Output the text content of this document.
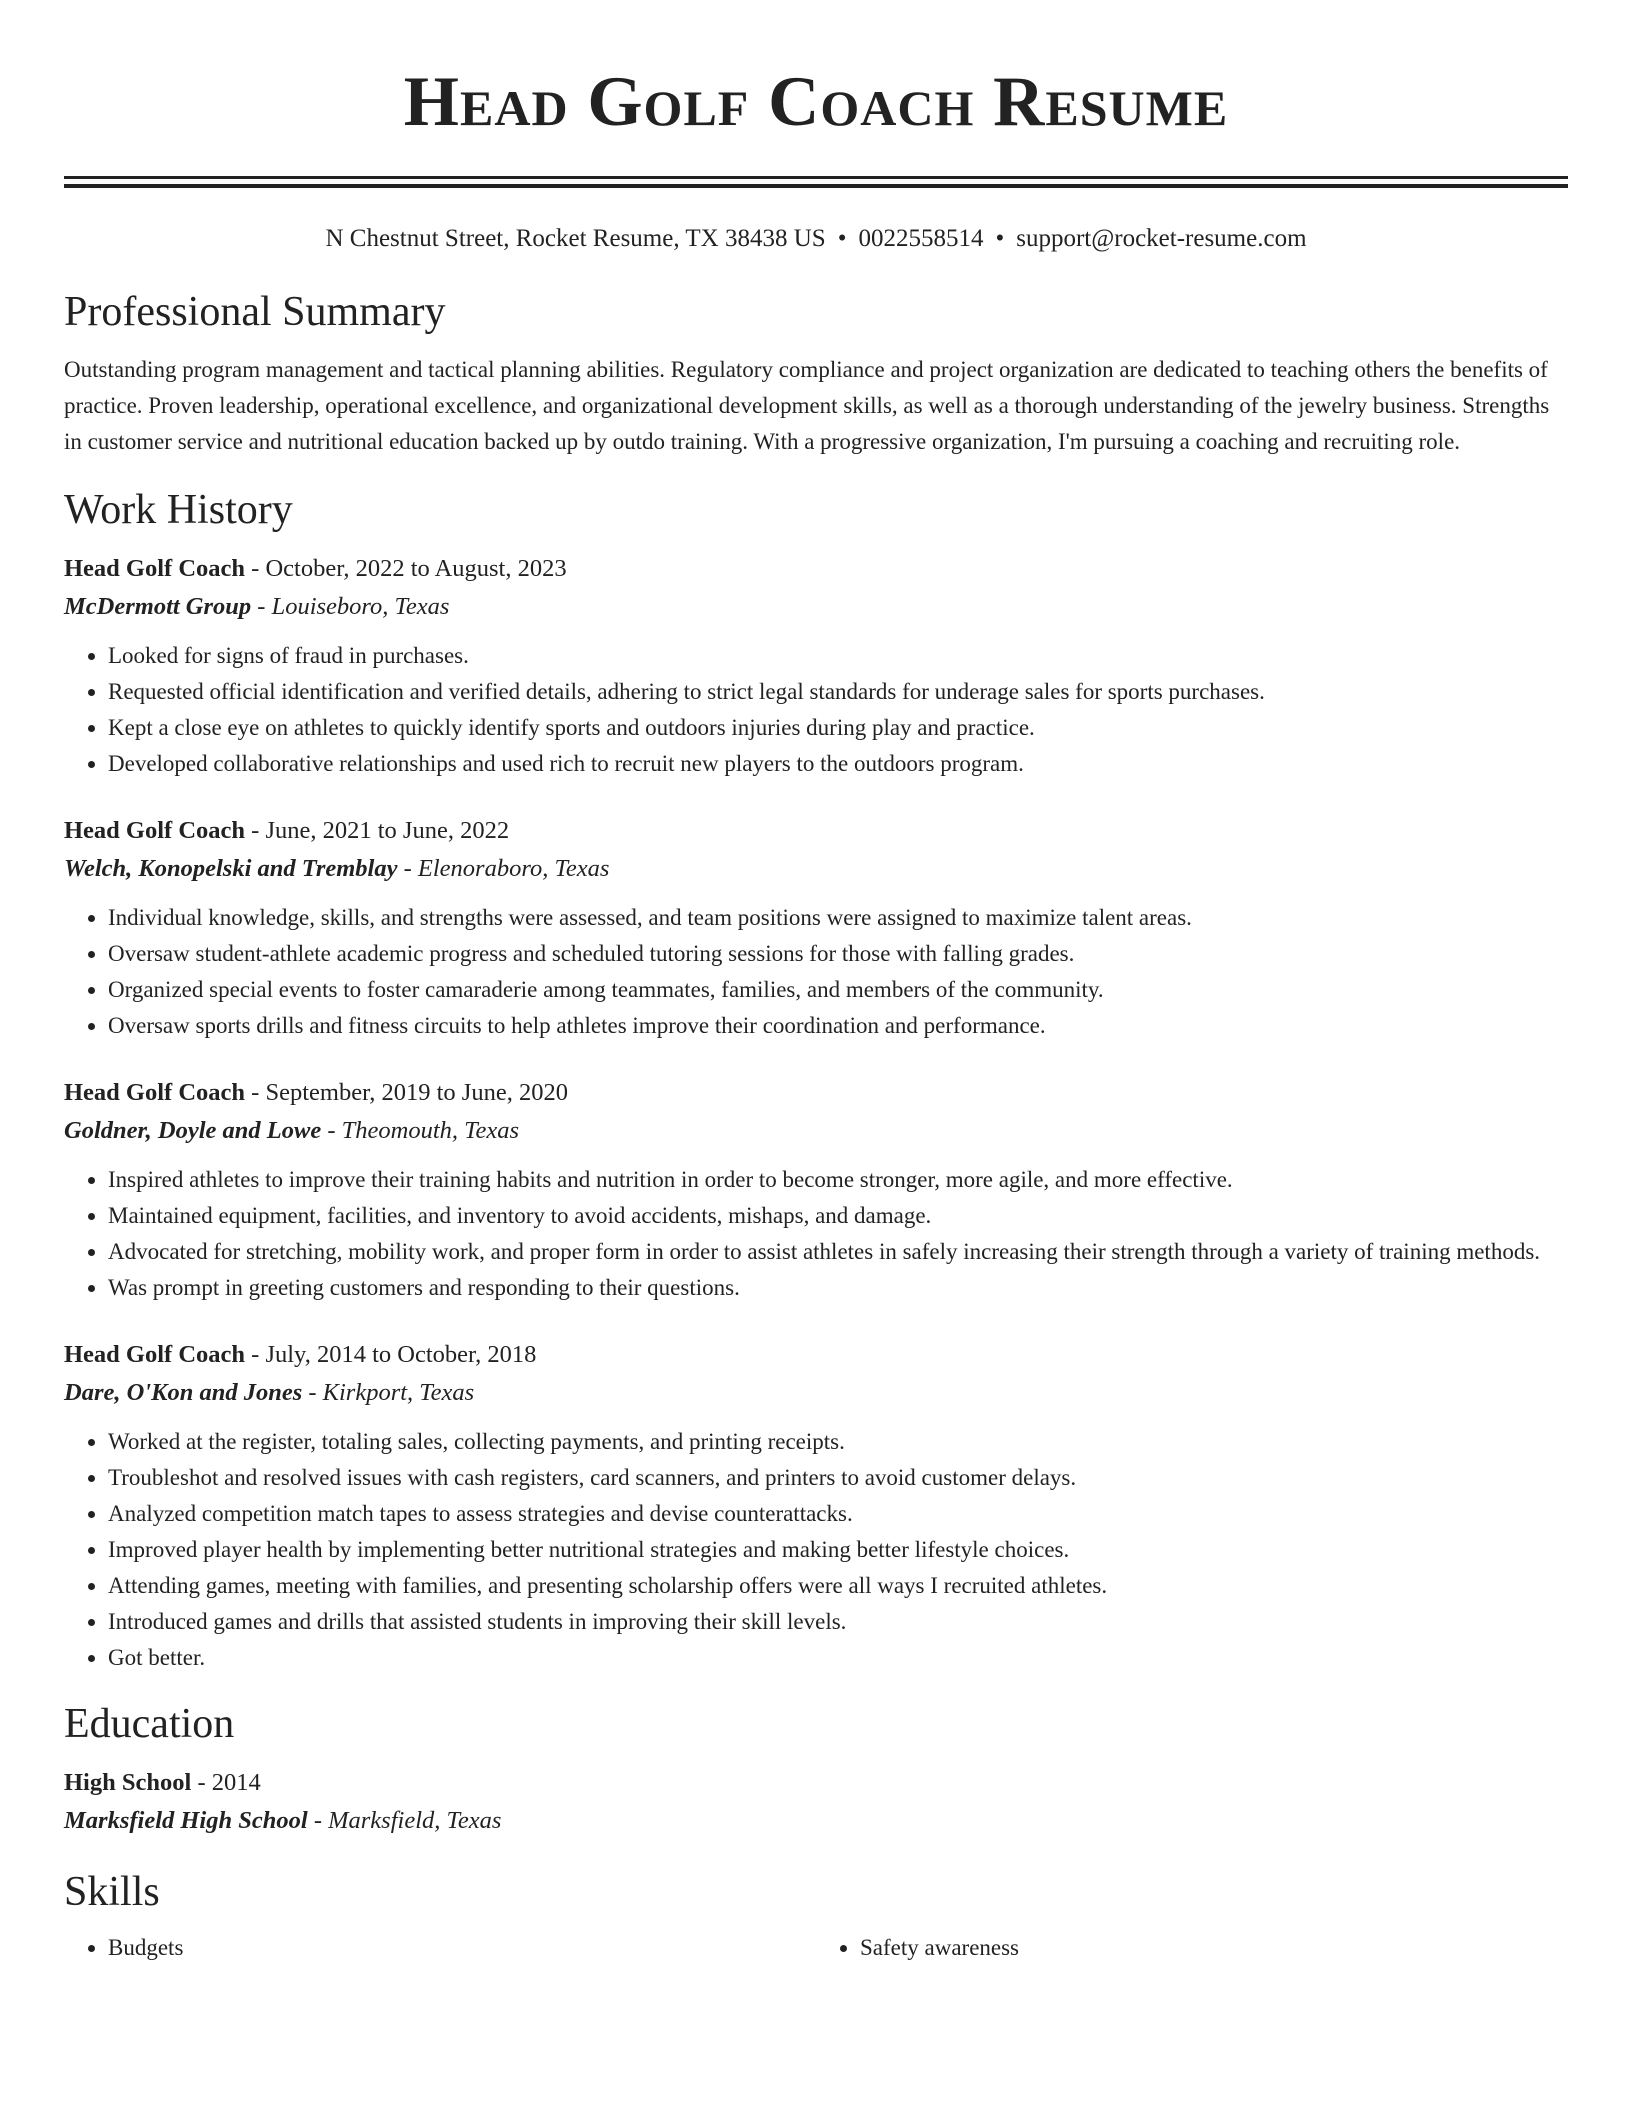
Head Golf Coach Resume
N Chestnut Street, Rocket Resume, TX 38438 US • 0022558514 • support@rocket-resume.com
Professional Summary

Outstanding program management and tactical planning abilities. Regulatory compliance and project organization are dedicated to teaching others the benefits of practice. Proven leadership, operational excellence, and organizational development skills, as well as a thorough understanding of the jewelry business. Strengths in customer service and nutritional education backed up by outdo training. With a progressive organization, I'm pursuing a coaching and recruiting role.

Work History
Head Golf Coach - October, 2022 to August, 2023
McDermott Group - Louiseboro, Texas
• Looked for signs of fraud in purchases.
• Requested official identification and verified details, adhering to strict legal standards for underage sales for sports purchases.
• Kept a close eye on athletes to quickly identify sports and outdoors injuries during play and practice.
• Developed collaborative relationships and used rich to recruit new players to the outdoors program.
Head Golf Coach - June, 2021 to June, 2022
Welch, Konopelski and Tremblay - Elenoraboro, Texas
• Individual knowledge, skills, and strengths were assessed, and team positions were assigned to maximize talent areas.
• Oversaw student-athlete academic progress and scheduled tutoring sessions for those with falling grades.
• Organized special events to foster camaraderie among teammates, families, and members of the community.
• Oversaw sports drills and fitness circuits to help athletes improve their coordination and performance.
Head Golf Coach - September, 2019 to June, 2020
Goldner, Doyle and Lowe - Theomouth, Texas
• Inspired athletes to improve their training habits and nutrition in order to become stronger, more agile, and more effective.
• Maintained equipment, facilities, and inventory to avoid accidents, mishaps, and damage.
• Advocated for stretching, mobility work, and proper form in order to assist athletes in safely increasing their strength through a variety of training methods.
• Was prompt in greeting customers and responding to their questions.
Head Golf Coach - July, 2014 to October, 2018
Dare, O'Kon and Jones - Kirkport, Texas
• Worked at the register, totaling sales, collecting payments, and printing receipts.
• Troubleshot and resolved issues with cash registers, card scanners, and printers to avoid customer delays.
• Analyzed competition match tapes to assess strategies and devise counterattacks.
• Improved player health by implementing better nutritional strategies and making better lifestyle choices.
• Attending games, meeting with families, and presenting scholarship offers were all ways I recruited athletes.
• Introduced games and drills that assisted students in improving their skill levels.
• Got better.
Education
High School - 2014
Marksfield High School - Marksfield, Texas
Skills
• Budgets
•	Safety awareness
